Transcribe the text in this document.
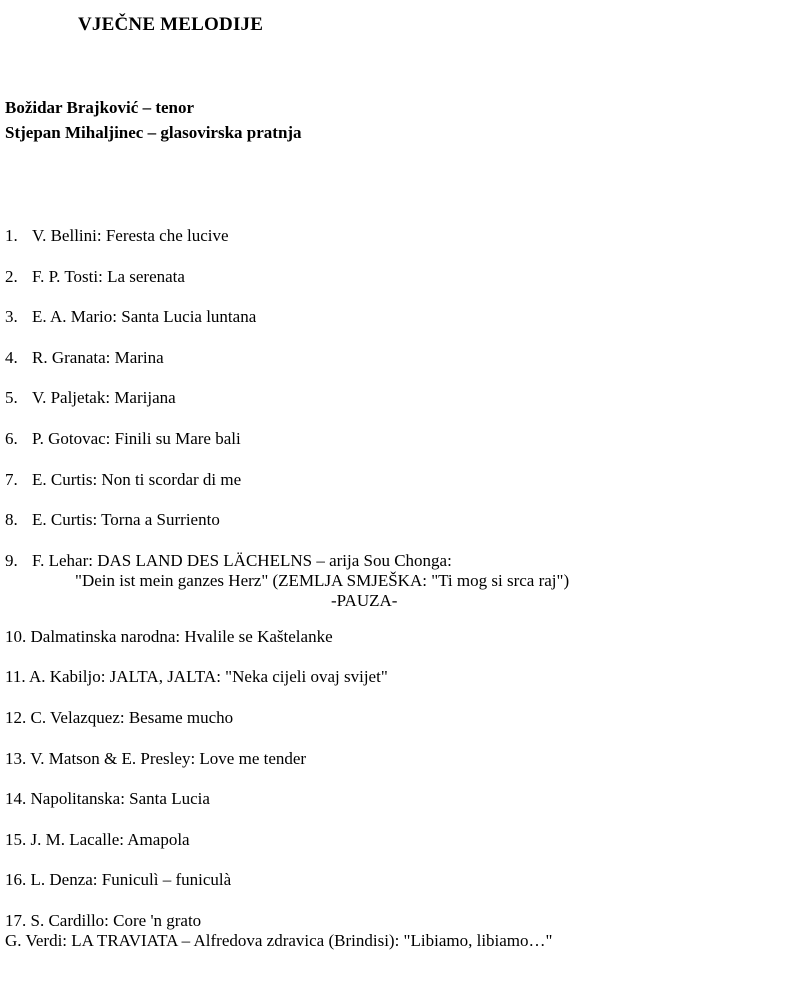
VJEČNE MELODIJE
Božidar Brajković – tenor
Stjepan Mihaljinec – glasovirska pratnja
1. V. Bellini: Feresta che lucive
2. F. P. Tosti: La serenata
3. E. A. Mario: Santa Lucia luntana
4. R. Granata: Marina
5. V. Paljetak: Marijana
6. P. Gotovac: Finili su Mare bali
7. E. Curtis: Non ti scordar di me
8. E. Curtis: Torna a Surriento
9. F. Lehar: DAS LAND DES LÄCHELNS – arija Sou Chonga:
"Dein ist mein ganzes Herz" (ZEMLJA SMJEŠKA: "Ti mog si srca raj")
-PAUZA-
10. Dalmatinska narodna: Hvalile se Kaštelanke
11. A. Kabiljo: JALTA, JALTA: "Neka cijeli ovaj svijet"
12. C. Velazquez: Besame mucho
13. V. Matson & E. Presley: Love me tender
14. Napolitanska: Santa Lucia
15. J. M. Lacalle: Amapola
16. L. Denza: Funiculì – funiculà
17. S. Cardillo: Core 'n grato
G. Verdi: LA TRAVIATA – Alfredova zdravica (Brindisi): "Libiamo, libiamo…"
